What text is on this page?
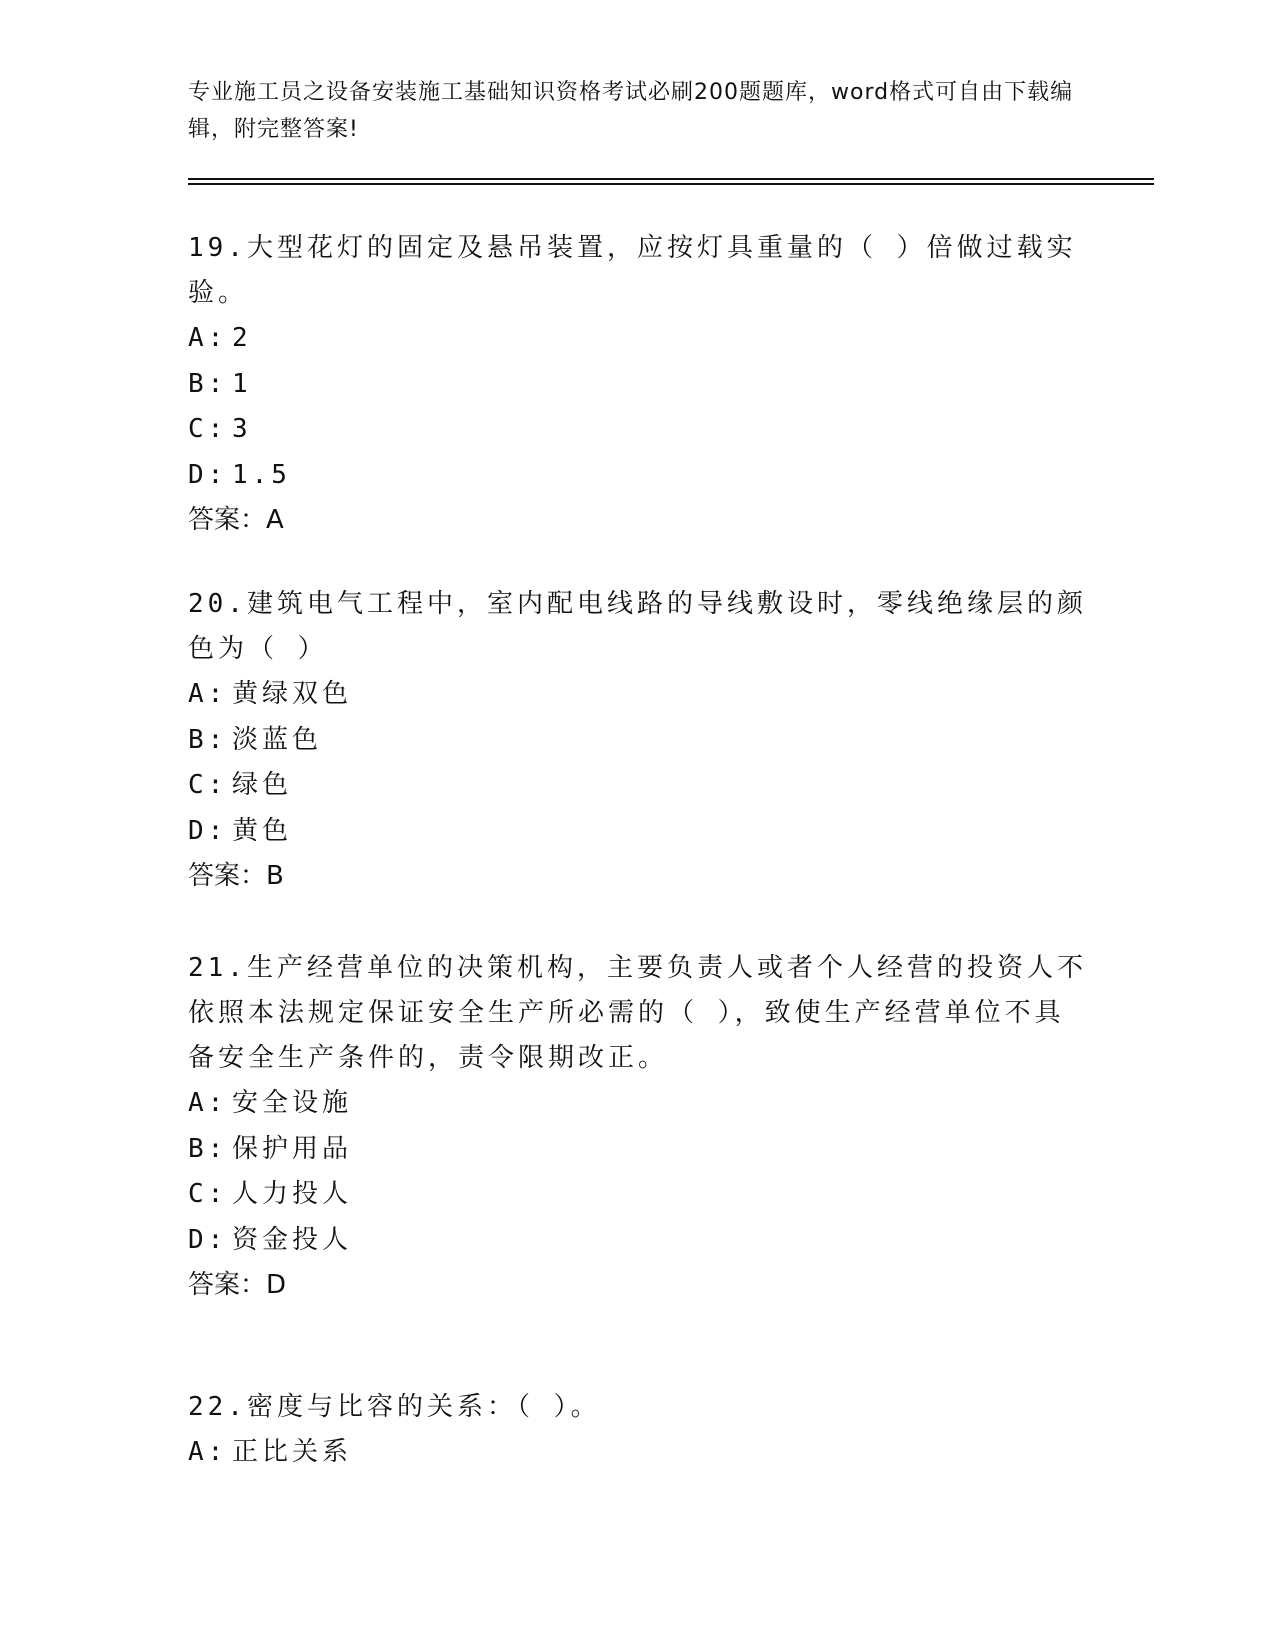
专业施工员之设备安装施工基础知识资格考试必刷200题题库，word格式可自由下载编辑，附完整答案!

19.大型花灯的固定及悬吊装置，应按灯具重量的（ ）倍做过载实验。

A: 2

B: 1

C: 3

D: 1.5

答案：A

20.建筑电气工程中，室内配电线路的导线敷设时，零线绝缘层的颜色为（ ）

A: 黄绿双色

B: 淡蓝色

C: 绿色

D: 黄色

答案：B

21.生产经营单位的决策机构，主要负责人或者个人经营的投资人不依照本法规定保证安全生产所必需的（ ），致使生产经营单位不具备安全生产条件的，责令限期改正。

A: 安全设施

B: 保护用品

C: 人力投人

D: 资金投人

答案：D

22.密度与比容的关系：（ ）。

A: 正比关系
